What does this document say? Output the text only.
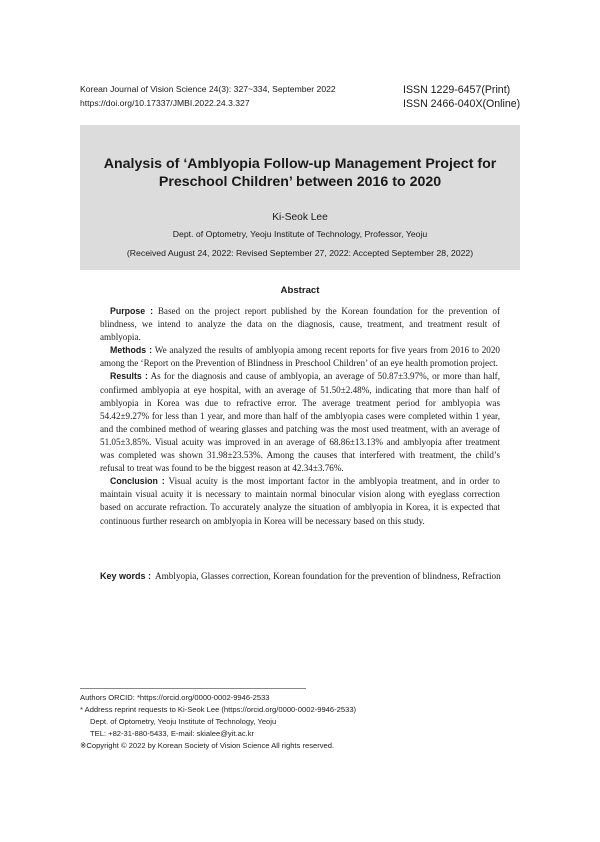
Korean Journal of Vision Science 24(3): 327~334, September 2022
https://doi.org/10.17337/JMBI.2022.24.3.327
ISSN 1229-6457(Print)
ISSN 2466-040X(Online)
Analysis of ‘Amblyopia Follow-up Management Project for
Preschool Children’ between 2016 to 2020
Ki-Seok Lee
Dept. of Optometry, Yeoju Institute of Technology, Professor, Yeoju
(Received August 24, 2022: Revised September 27, 2022: Accepted September 28, 2022)
Abstract

Purpose : Based on the project report published by the Korean foundation for the prevention of blindness, we intend to analyze the data on the diagnosis, cause, treatment, and treatment result of amblyopia.

Methods : We analyzed the results of amblyopia among recent reports for five years from 2016 to 2020 among the ‘Report on the Prevention of Blindness in Preschool Children’ of an eye health promotion project.

Results : As for the diagnosis and cause of amblyopia, an average of 50.87±3.97%, or more than half, confirmed amblyopia at eye hospital, with an average of 51.50±2.48%, indicating that more than half of amblyopia in Korea was due to refractive error. The average treatment period for amblyopia was 54.42±9.27% for less than 1 year, and more than half of the amblyopia cases were completed within 1 year, and the combined method of wearing glasses and patching was the most used treatment, with an average of 51.05±3.85%. Visual acuity was improved in an average of 68.86±13.13% and amblyopia after treatment was completed was shown 31.98±23.53%. Among the causes that interfered with treatment, the child’s refusal to treat was found to be the biggest reason at 42.34±3.76%.

Conclusion : Visual acuity is the most important factor in the amblyopia treatment, and in order to maintain visual acuity it is necessary to maintain normal binocular vision along with eyeglass correction based on accurate refraction. To accurately analyze the situation of amblyopia in Korea, it is expected that continuous further research on amblyopia in Korea will be necessary based on this study.

Key words : Amblyopia, Glasses correction, Korean foundation for the prevention of blindness, Refraction
Authors ORCID: *https://orcid.org/0000-0002-9946-2533
* Address reprint requests to Ki-Seok Lee (https://orcid.org/0000-0002-9946-2533)
Dept. of Optometry, Yeoju Institute of Technology, Yeoju
TEL: +82-31-880-5433, E-mail: skialee@yit.ac.kr
※Copyright © 2022 by Korean Society of Vision Science All rights reserved.
